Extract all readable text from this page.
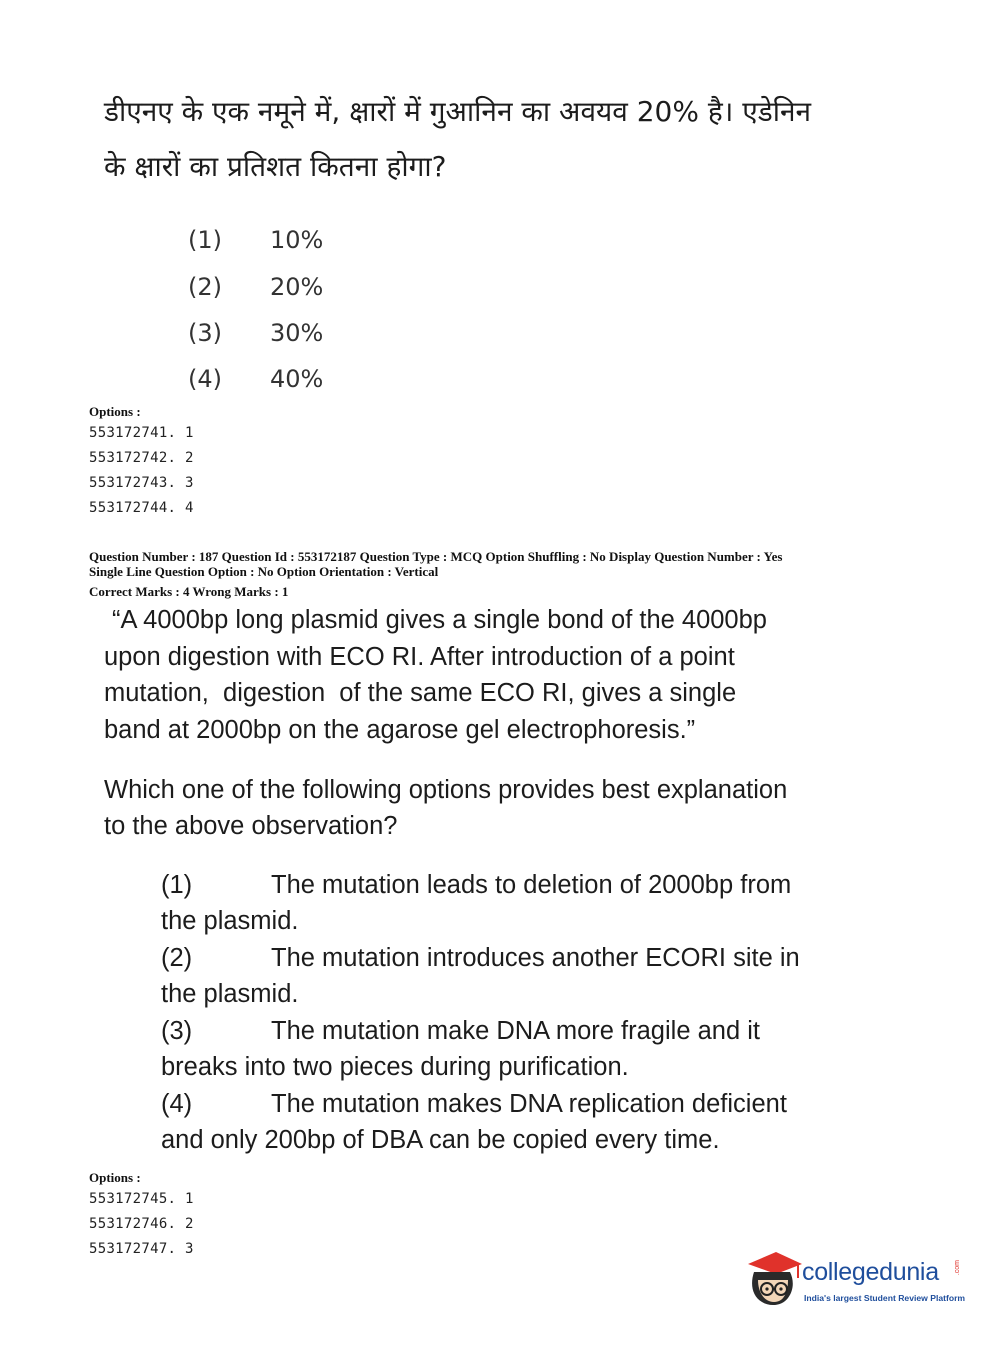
डीएनए के एक नमूने में, क्षारों में गुआनिन का अवयव 20% है। एडेनिन
के क्षारों का प्रतिशत कितना होगा?
(1) 10%
(2) 20%
(3) 30%
(4) 40%
Options :
553172741. 1
553172742. 2
553172743. 3
553172744. 4
Question Number : 187 Question Id : 553172187 Question Type : MCQ Option Shuffling : No Display Question Number : Yes
Single Line Question Option : No Option Orientation : Vertical
Correct Marks : 4 Wrong Marks : 1
“A 4000bp long plasmid gives a single bond of the 4000bp
upon digestion with ECO RI. After introduction of a point
mutation,  digestion  of the same ECO RI, gives a single
band at 2000bp on the agarose gel electrophoresis.”
Which one of the following options provides best explanation
to the above observation?
(1)	The mutation leads to deletion of 2000bp from
the plasmid.
(2)	The mutation introduces another ECORI site in
the plasmid.
(3)	The mutation make DNA more fragile and it
breaks into two pieces during purification.
(4)	The mutation makes DNA replication deficient
and only 200bp of DBA can be copied every time.
Options :
553172745. 1
553172746. 2
553172747. 3
collegedunia .com
India's largest Student Review Platform
